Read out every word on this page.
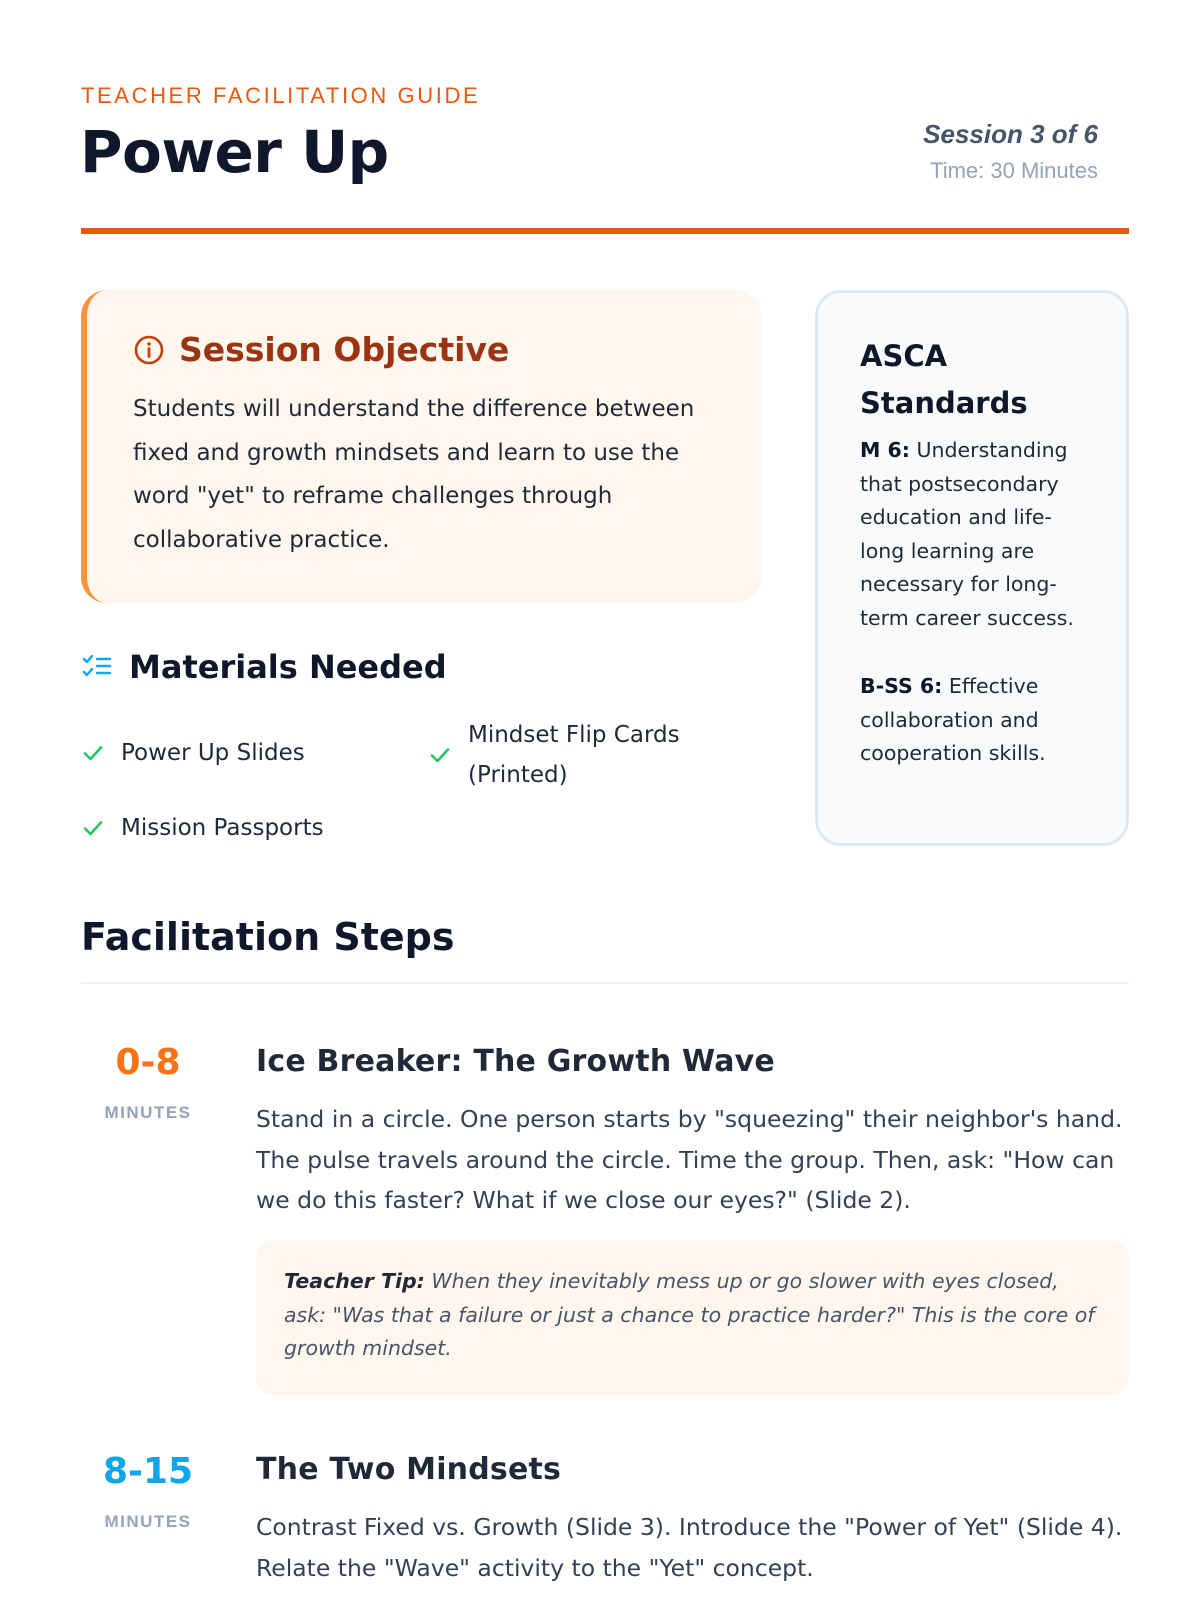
TEACHER FACILITATION GUIDE
Power Up	Session 3 of 6
Time: 30 Minutes
Session Objective

Students will understand the difference between fixed and growth mindsets and learn to use the word "yet" to reframe challenges through collaborative practice.

Materials Needed
Power Up Slides
Mindset Flip Cards (Printed)
Mission Passports
ASCA Standards

M 6: Understanding that postsecondary education and life-long learning are necessary for long-term career success.

B-SS 6: Effective collaboration and cooperation skills.

Facilitation Steps
0-8
MINUTES
Ice Breaker: The Growth Wave

Stand in a circle. One person starts by "squeezing" their neighbor's hand. The pulse travels around the circle. Time the group. Then, ask: "How can we do this faster? What if we close our eyes?" (Slide 2).

Teacher Tip: When they inevitably mess up or go slower with eyes closed, ask: "Was that a failure or just a chance to practice harder?" This is the core of growth mindset.
8-15
MINUTES
The Two Mindsets

Contrast Fixed vs. Growth (Slide 3). Introduce the "Power of Yet" (Slide 4). Relate the "Wave" activity to the "Yet" concept.
